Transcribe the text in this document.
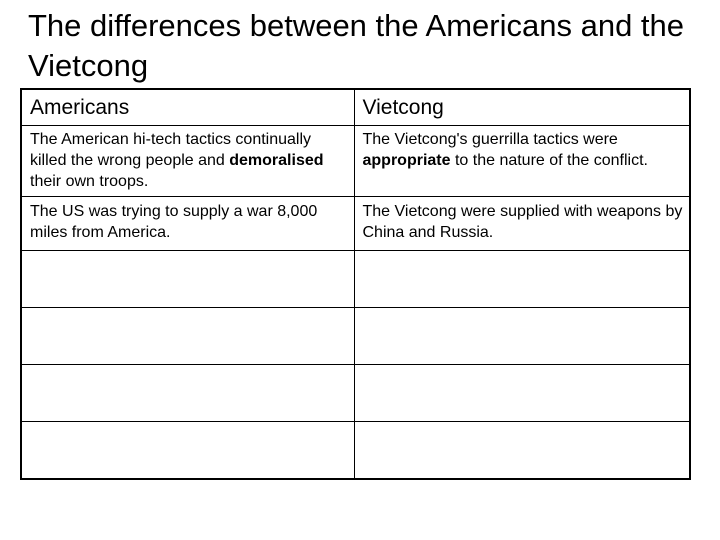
The differences between the Americans and the Vietcong
Americans	Vietcong
The American hi-tech tactics continually killed the wrong people and demoralised their own troops.	The Vietcong's guerrilla tactics were appropriate to the nature of the conflict.
The US was trying to supply a war 8,000 miles from America.	The Vietcong were supplied with weapons by China and Russia.
